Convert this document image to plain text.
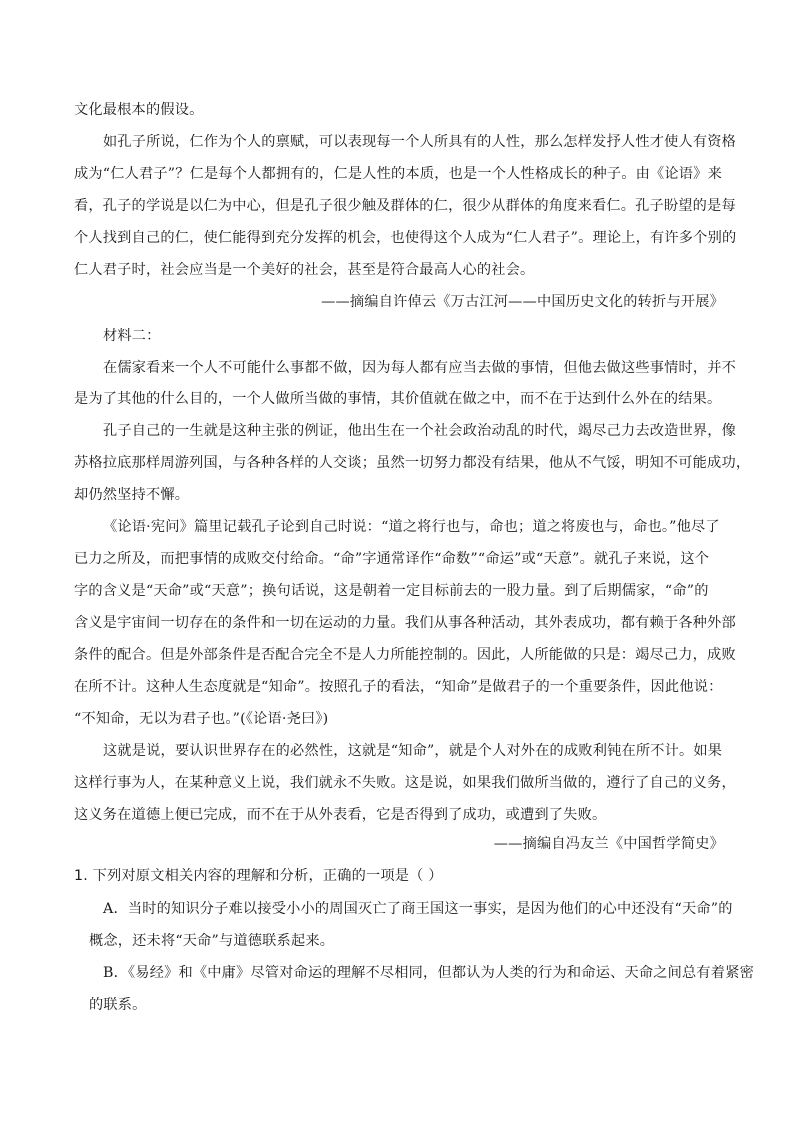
文化最根本的假设。
如孔子所说，仁作为个人的禀赋，可以表现每一个人所具有的人性，那么怎样发抒人性才使人有资格
成为“仁人君子”？仁是每个人都拥有的，仁是人性的本质，也是一个人性格成长的种子。由《论语》来
看，孔子的学说是以仁为中心，但是孔子很少触及群体的仁，很少从群体的角度来看仁。孔子盼望的是每
个人找到自己的仁，使仁能得到充分发挥的机会，也使得这个人成为“仁人君子”。理论上，有许多个别的
仁人君子时，社会应当是一个美好的社会，甚至是符合最高人心的社会。
——摘编自许倬云《万古江河——中国历史文化的转折与开展》
材料二：
在儒家看来一个人不可能什么事都不做，因为每人都有应当去做的事情，但他去做这些事情时，并不
是为了其他的什么目的，一个人做所当做的事情，其价值就在做之中，而不在于达到什么外在的结果。
孔子自己的一生就是这种主张的例证，他出生在一个社会政治动乱的时代，竭尽己力去改造世界，像
苏格拉底那样周游列国，与各种各样的人交谈；虽然一切努力都没有结果，他从不气馁，明知不可能成功，
却仍然坚持不懈。
《论语·宪问》篇里记载孔子论到自己时说：“道之将行也与，命也；道之将废也与，命也。”他尽了
已力之所及，而把事情的成败交付给命。“命”字通常译作“命数”“命运”或“天意”。就孔子来说，这个
字的含义是“天命”或“天意”；换句话说，这是朝着一定目标前去的一股力量。到了后期儒家，“命”的
含义是宇宙间一切存在的条件和一切在运动的力量。我们从事各种活动，其外表成功，都有赖于各种外部
条件的配合。但是外部条件是否配合完全不是人力所能控制的。因此，人所能做的只是：竭尽己力，成败
在所不计。这种人生态度就是“知命”。按照孔子的看法，“知命”是做君子的一个重要条件，因此他说：
“不知命，无以为君子也。”(《论语·尧曰》)
这就是说，要认识世界存在的必然性，这就是“知命”，就是个人对外在的成败利钝在所不计。如果
这样行事为人，在某种意义上说，我们就永不失败。这是说，如果我们做所当做的，遵行了自己的义务，
这义务在道德上便已完成，而不在于从外表看，它是否得到了成功，或遭到了失败。
——摘编自冯友兰《中国哲学简史》
1. 下列对原文相关内容的理解和分析，正确的一项是（ ）
A．当时的知识分子难以接受小小的周国灭亡了商王国这一事实，是因为他们的心中还没有“天命”的
概念，还未将“天命”与道德联系起来。
B．《易经》和《中庸》尽管对命运的理解不尽相同，但都认为人类的行为和命运、天命之间总有着紧密
的联系。
